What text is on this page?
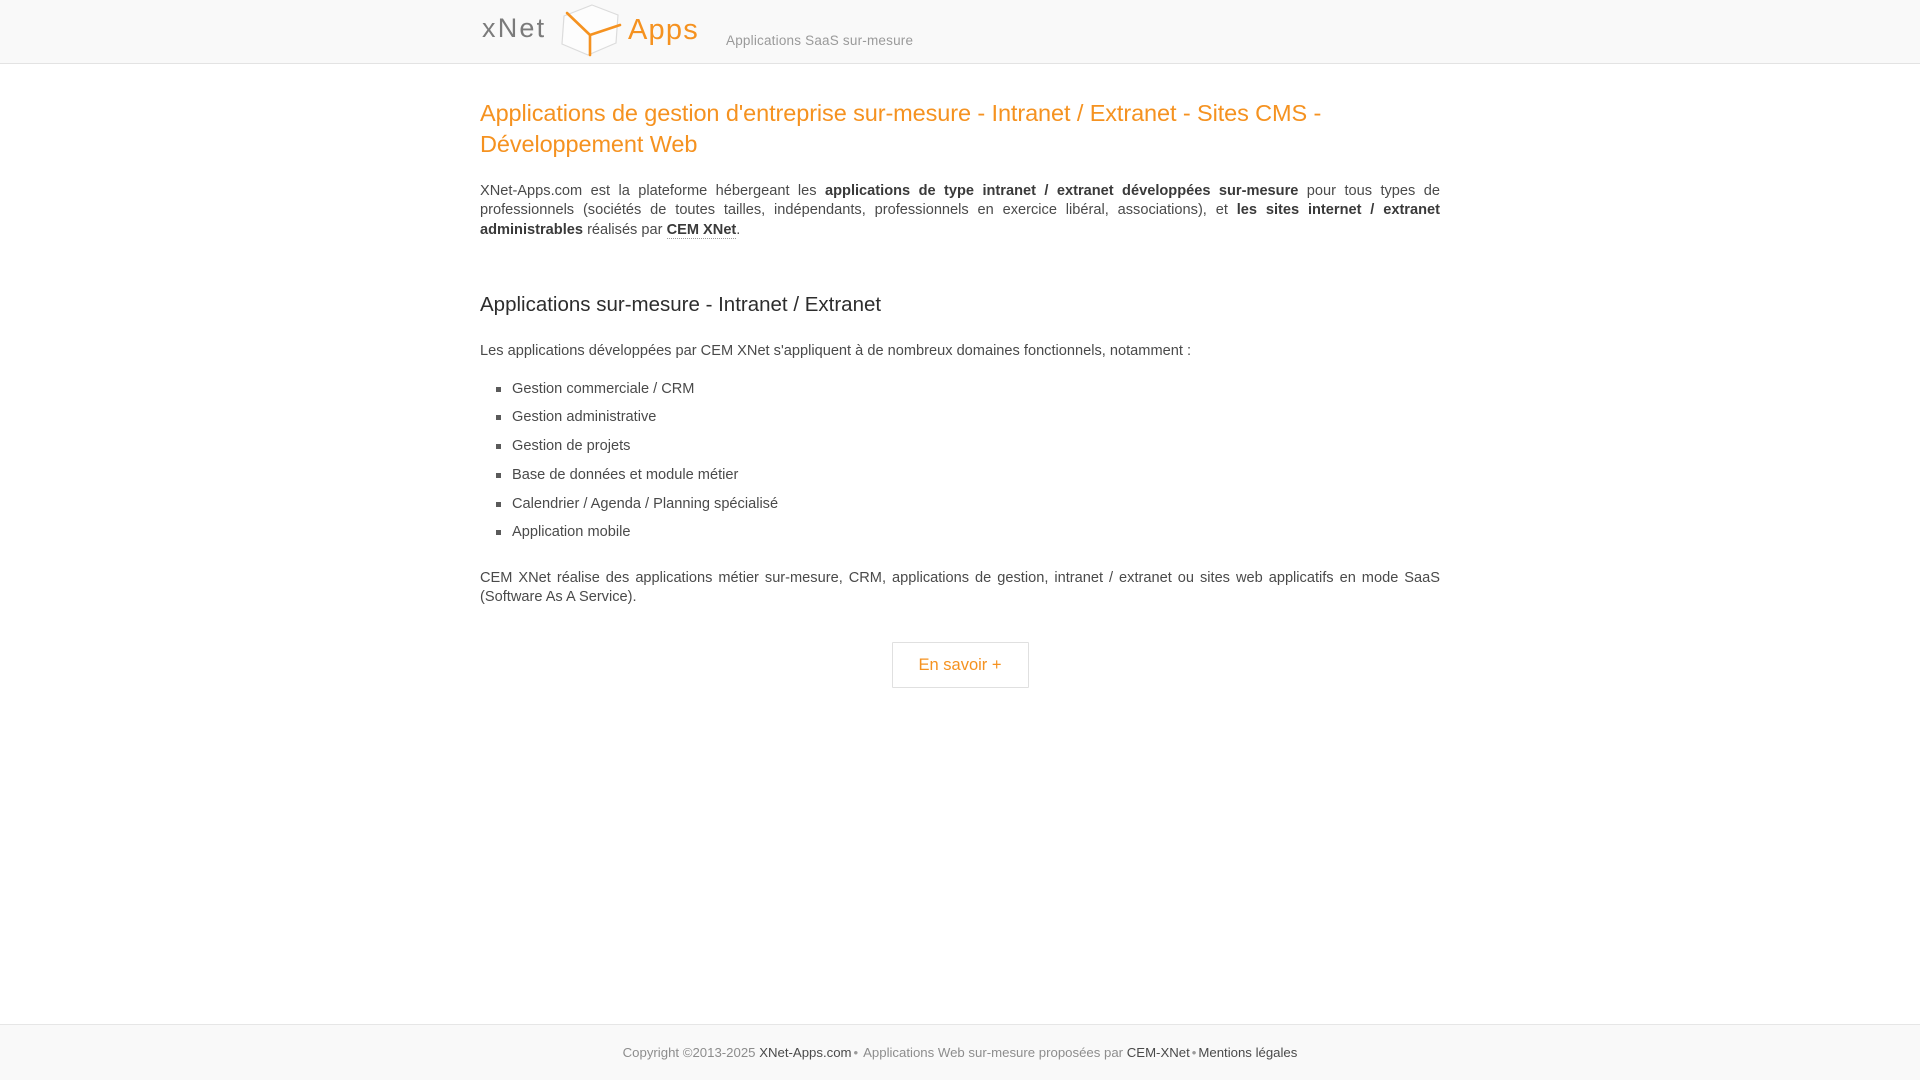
xNet	Apps Applications SaaS sur-mesure
Applications de gestion d'entreprise sur-mesure - Intranet / Extranet - Sites CMS - Développement Web

XNet-Apps.com est la plateforme hébergeant les applications de type intranet / extranet développées sur-mesure pour tous types de professionnels (sociétés de toutes tailles, indépendants, professionnels en exercice libéral, associations), et les sites internet / extranet administrables réalisés par CEM XNet.

Applications sur-mesure - Intranet / Extranet

Les applications développées par CEM XNet s'appliquent à de nombreux domaines fonctionnels, notamment :

Gestion commerciale / CRM
Gestion administrative
Gestion de projets
Base de données et module métier
Calendrier / Agenda / Planning spécialisé
Application mobile

CEM XNet réalise des applications métier sur-mesure, CRM, applications de gestion, intranet / extranet ou sites web applicatifs en mode SaaS (Software As A Service).

En savoir +
Copyright ©2013-2025 XNet-Apps.com • Applications Web sur-mesure proposées par CEM-XNet • Mentions légales
